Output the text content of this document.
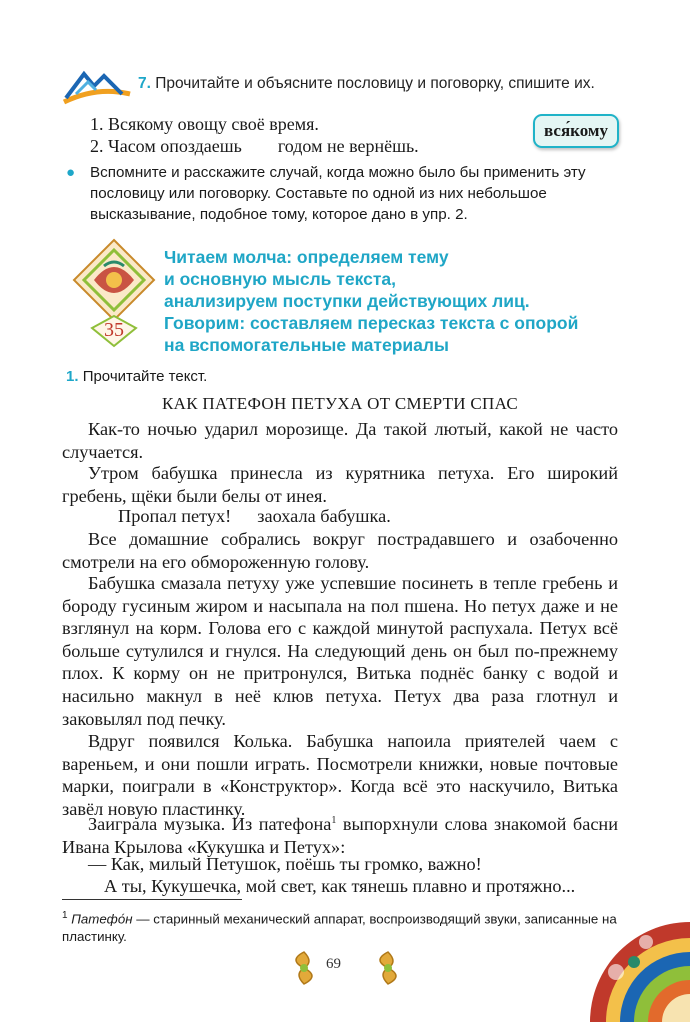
7. Прочитайте и объясните пословицу и поговорку, спишите их.
1. Всякому овощу своё время.
2. Часом опоздаешь годом не вернёшь.
вся́кому
● Вспомните и расскажите случай, когда можно было бы применить эту пословицу или поговорку. Составьте по одной из них небольшое высказывание, подобное тому, которое дано в упр. 2.
35
Читаем молча: определяем тему
и основную мысль текста,
анализируем поступки действующих лиц.
Говорим: составляем пересказ текста с опорой
на вспомогательные материалы
1. Прочитайте текст.
КАК ПАТЕФОН ПЕТУХА ОТ СМЕРТИ СПАС
Как-то ночью ударил морозище. Да такой лютый, какой не часто случается.
Утром бабушка принесла из курятника петуха. Его широкий гребень, щёки были белы от инея.
Пропал петух! заохала бабушка.
Все домашние собрались вокруг пострадавшего и озабоченно смотрели на его обмороженную голову.
Бабушка смазала петуху уже успевшие посинеть в тепле гребень и бороду гусиным жиром и насыпала на пол пшена. Но петух даже и не взглянул на корм. Голова его с каждой минутой распухала. Петух всё больше сутулился и гнулся. На следующий день он был по-прежнему плох. К корму он не притронулся, Витька поднёс банку с водой и насильно макнул в неё клюв петуха. Петух два раза глотнул и заковылял под печку.
Вдруг появился Колька. Бабушка напоила приятелей чаем с вареньем, и они пошли играть. Посмотрели книжки, новые почтовые марки, поиграли в «Конструктор». Когда всё это наскучило, Витька завёл новую пластинку.
Заиграла музыка. Из патефона$^1$ выпорхнули слова знакомой басни Ивана Крылова «Кукушка и Петух»:
— Как, милый Петушок, поёшь ты громко, важно!
А ты, Кукушечка, мой свет, как тянешь плавно и протяжно...
$^1$ Патефо́н — старинный механический аппарат, воспроизводящий звуки, записанные на пластинку.
69
